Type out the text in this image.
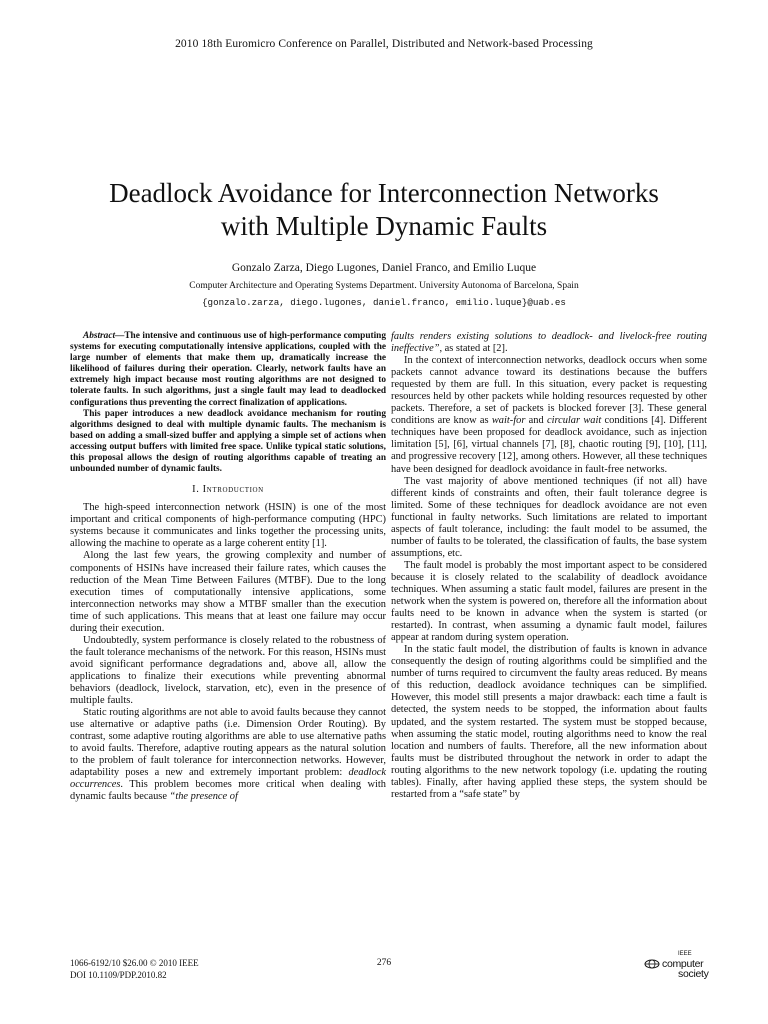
2010 18th Euromicro Conference on Parallel, Distributed and Network-based Processing
Deadlock Avoidance for Interconnection Networks
with Multiple Dynamic Faults
Gonzalo Zarza, Diego Lugones, Daniel Franco, and Emilio Luque
Computer Architecture and Operating Systems Department. University Autonoma of Barcelona, Spain
{gonzalo.zarza, diego.lugones, daniel.franco, emilio.luque}@uab.es

Abstract—The intensive and continuous use of high-performance computing systems for executing computationally intensive applications, coupled with the large number of elements that make them up, dramatically increase the likelihood of failures during their operation. Clearly, network faults have an extremely high impact because most routing algorithms are not designed to tolerate faults. In such algorithms, just a single fault may lead to deadlocked configurations thus preventing the correct finalization of applications.

This paper introduces a new deadlock avoidance mechanism for routing algorithms designed to deal with multiple dynamic faults. The mechanism is based on adding a small-sized buffer and applying a simple set of actions when accessing output buffers with limited free space. Unlike typical static solutions, this proposal allows the design of routing algorithms capable of treating an unbounded number of dynamic faults.

I. Introduction

The high-speed interconnection network (HSIN) is one of the most important and critical components of high-performance computing (HPC) systems because it communicates and links together the processing units, allowing the machine to operate as a large coherent entity [1].

Along the last few years, the growing complexity and number of components of HSINs have increased their failure rates, which causes the reduction of the Mean Time Between Failures (MTBF). Due to the long execution times of computationally intensive applications, some interconnection networks may show a MTBF smaller than the execution time of such applications. This means that at least one failure may occur during their execution.

Undoubtedly, system performance is closely related to the robustness of the fault tolerance mechanisms of the network. For this reason, HSINs must avoid significant performance degradations and, above all, allow the applications to finalize their executions while preventing abnormal behaviors (deadlock, livelock, starvation, etc), even in the presence of multiple faults.

Static routing algorithms are not able to avoid faults because they cannot use alternative or adaptive paths (i.e. Dimension Order Routing). By contrast, some adaptive routing algorithms are able to use alternative paths to avoid faults. Therefore, adaptive routing appears as the natural solution to the problem of fault tolerance for interconnection networks. However, adaptability poses a new and extremely important problem: deadlock occurrences. This problem becomes more critical when dealing with dynamic faults because “the presence of

faults renders existing solutions to deadlock- and livelock-free routing ineffective”, as stated at [2].

In the context of interconnection networks, deadlock occurs when some packets cannot advance toward its destinations because the buffers requested by them are full. In this situation, every packet is requesting resources held by other packets while holding resources requested by other packets. Therefore, a set of packets is blocked forever [3]. These general conditions are know as wait-for and circular wait conditions [4]. Different techniques have been proposed for deadlock avoidance, such as injection limitation [5], [6], virtual channels [7], [8], chaotic routing [9], [10], [11], and progressive recovery [12], among others. However, all these techniques have been designed for deadlock avoidance in fault-free networks.

The vast majority of above mentioned techniques (if not all) have different kinds of constraints and often, their fault tolerance degree is limited. Some of these techniques for deadlock avoidance are not even functional in faulty networks. Such limitations are related to important aspects of fault tolerance, including: the fault model to be assumed, the number of faults to be tolerated, the classification of faults, the base system assumptions, etc.

The fault model is probably the most important aspect to be considered because it is closely related to the scalability of deadlock avoidance techniques. When assuming a static fault model, failures are present in the network when the system is powered on, therefore all the information about faults need to be known in advance when the system is started (or restarted). In contrast, when assuming a dynamic fault model, failures appear at random during system operation.

In the static fault model, the distribution of faults is known in advance consequently the design of routing algorithms could be simplified and the number of turns required to circumvent the faulty areas reduced. By means of this reduction, deadlock avoidance techniques can be simplified. However, this model still presents a major drawback: each time a fault is detected, the system needs to be stopped, the information about faults updated, and the system restarted. The system must be stopped because, when assuming the static model, routing algorithms need to know the real location and numbers of faults. Therefore, all the new information about faults must be distributed throughout the network in order to adapt the routing algorithms to the new network topology (i.e. updating the routing tables). Finally, after having applied these steps, the system should be restarted from a “safe state” by

1066-6192/10 $26.00 © 2010 IEEE
DOI 10.1109/PDP.2010.82
276
IEEE
computer
society
